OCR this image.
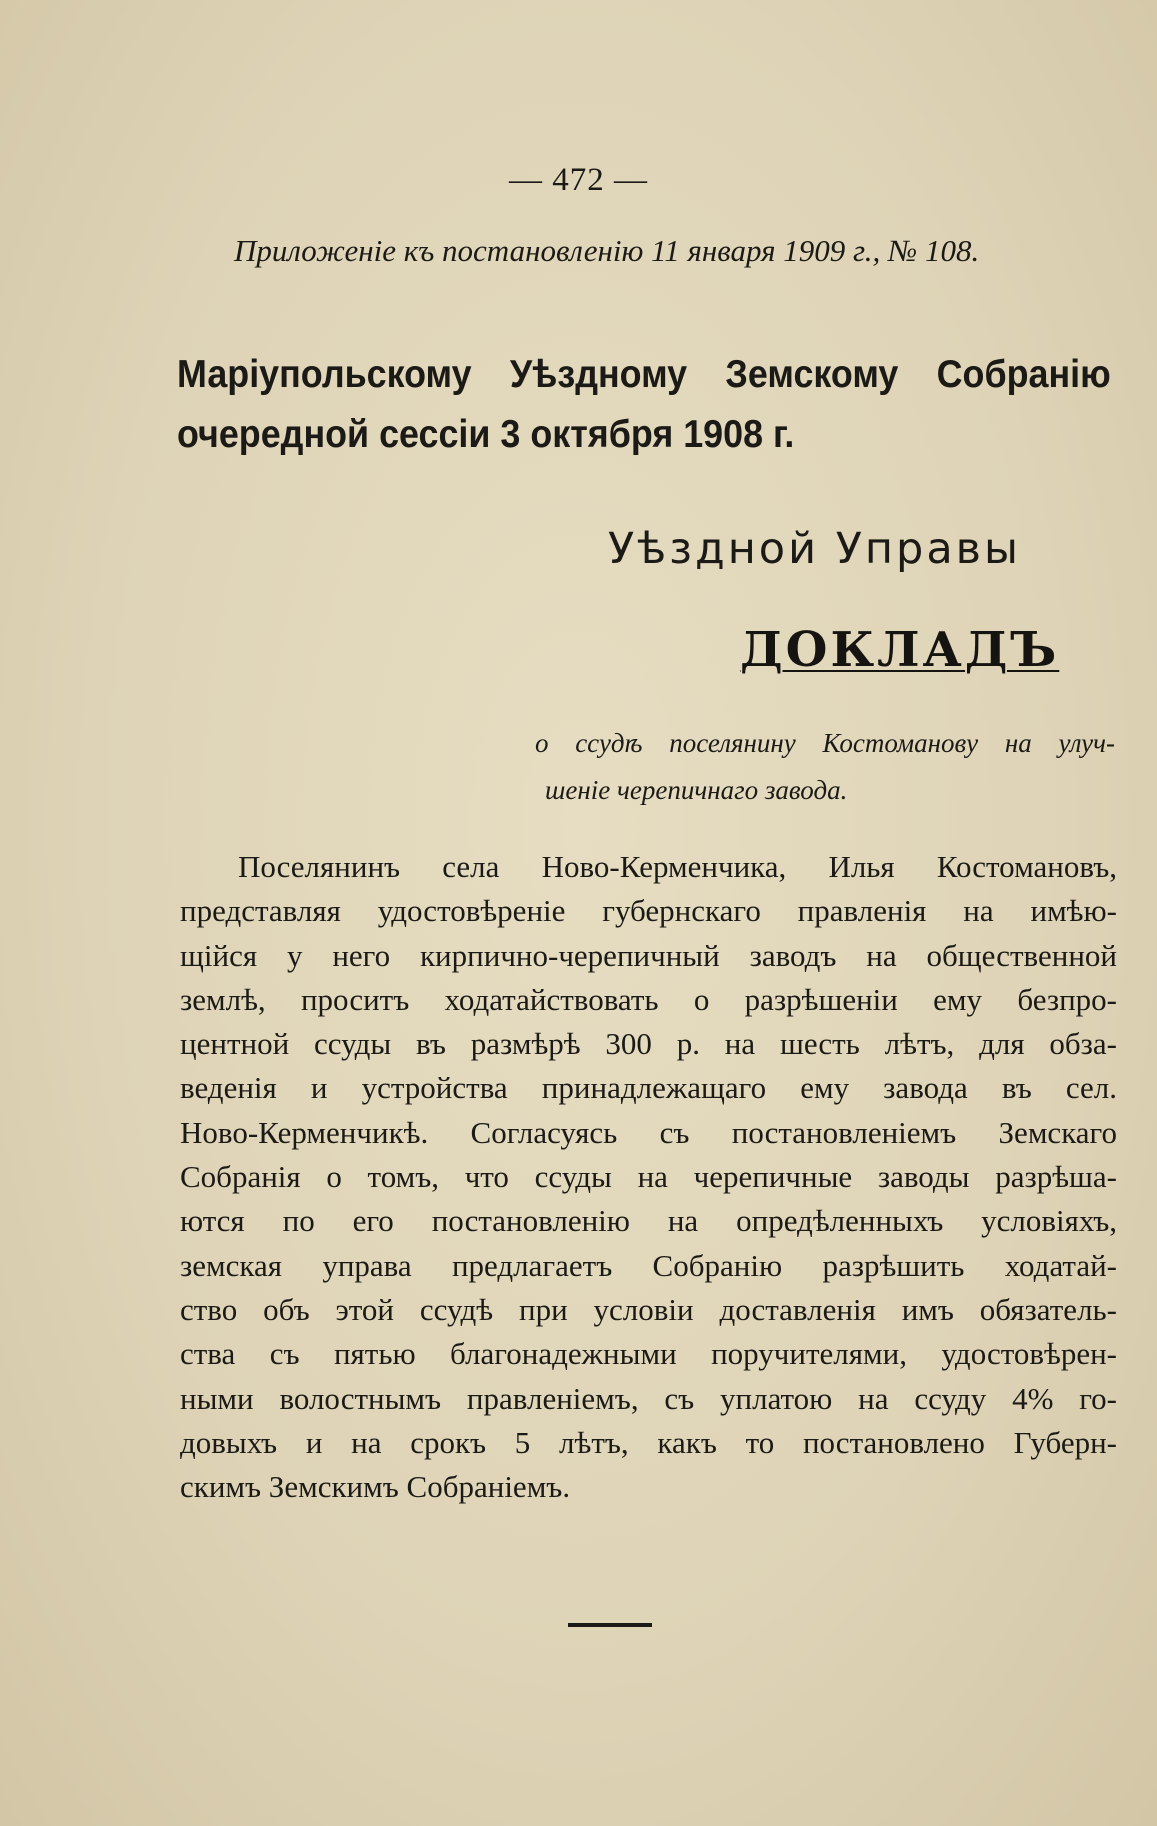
— 472 —
Приложеніе къ постановленію 11 января 1909 г., № 108.
Маріупольскому Уѣздному Земскому Собранію
очередной сессіи 3 октября 1908 г.
Уѣздной Управы
ДОКЛАДЪ
о ссудѣ поселянину Костоманову на улуч-
шеніе черепичнаго завода.
Поселянинъ села Ново-Керменчика, Илья Костомановъ,
представляя удостовѣреніе губернскаго правленія на имѣю-
щійся у него кирпично-черепичный заводъ на общественной
землѣ, проситъ ходатайствовать о разрѣшеніи ему безпро-
центной ссуды въ размѣрѣ 300 р. на шесть лѣтъ, для обза-
веденія и устройства принадлежащаго ему завода въ сел.
Ново-Керменчикѣ. Согласуясь съ постановленіемъ Земскаго
Собранія о томъ, что ссуды на черепичные заводы разрѣша-
ются по его постановленію на опредѣленныхъ условіяхъ,
земская управа предлагаетъ Собранію разрѣшить ходатай-
ство объ этой ссудѣ при условіи доставленія имъ обязатель-
ства съ пятью благонадежными поручителями, удостовѣрен-
ными волостнымъ правленіемъ, съ уплатою на ссуду 4% го-
довыхъ и на срокъ 5 лѣтъ, какъ то постановлено Губерн-
скимъ Земскимъ Собраніемъ.
